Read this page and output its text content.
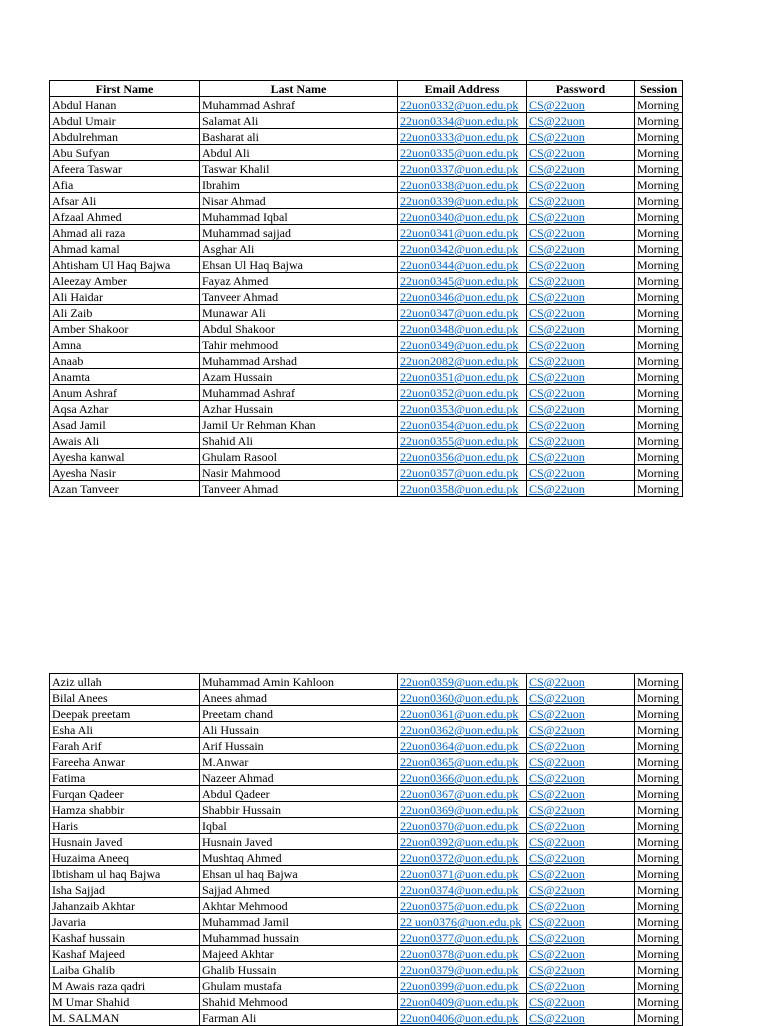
First Name	Last Name	Email Address	Password	Session
Abdul Hanan	Muhammad Ashraf	22uon0332@uon.edu.pk	CS@22uon	Morning
Abdul Umair	Salamat Ali	22uon0334@uon.edu.pk	CS@22uon	Morning
Abdulrehman	Basharat ali	22uon0333@uon.edu.pk	CS@22uon	Morning
Abu Sufyan	Abdul Ali	22uon0335@uon.edu.pk	CS@22uon	Morning
Afeera Taswar	Taswar Khalil	22uon0337@uon.edu.pk	CS@22uon	Morning
Afia	Ibrahim	22uon0338@uon.edu.pk	CS@22uon	Morning
Afsar Ali	Nisar Ahmad	22uon0339@uon.edu.pk	CS@22uon	Morning
Afzaal Ahmed	Muhammad Iqbal	22uon0340@uon.edu.pk	CS@22uon	Morning
Ahmad ali raza	Muhammad sajjad	22uon0341@uon.edu.pk	CS@22uon	Morning
Ahmad kamal	Asghar Ali	22uon0342@uon.edu.pk	CS@22uon	Morning
Ahtisham Ul Haq Bajwa	Ehsan Ul Haq Bajwa	22uon0344@uon.edu.pk	CS@22uon	Morning
Aleezay Amber	Fayaz Ahmed	22uon0345@uon.edu.pk	CS@22uon	Morning
Ali Haidar	Tanveer Ahmad	22uon0346@uon.edu.pk	CS@22uon	Morning
Ali Zaib	Munawar Ali	22uon0347@uon.edu.pk	CS@22uon	Morning
Amber Shakoor	Abdul Shakoor	22uon0348@uon.edu.pk	CS@22uon	Morning
Amna	Tahir mehmood	22uon0349@uon.edu.pk	CS@22uon	Morning
Anaab	Muhammad Arshad	22uon2082@uon.edu.pk	CS@22uon	Morning
Anamta	Azam Hussain	22uon0351@uon.edu.pk	CS@22uon	Morning
Anum Ashraf	Muhammad Ashraf	22uon0352@uon.edu.pk	CS@22uon	Morning
Aqsa Azhar	Azhar Hussain	22uon0353@uon.edu.pk	CS@22uon	Morning
Asad Jamil	Jamil Ur Rehman Khan	22uon0354@uon.edu.pk	CS@22uon	Morning
Awais Ali	Shahid Ali	22uon0355@uon.edu.pk	CS@22uon	Morning
Ayesha kanwal	Ghulam Rasool	22uon0356@uon.edu.pk	CS@22uon	Morning
Ayesha Nasir	Nasir Mahmood	22uon0357@uon.edu.pk	CS@22uon	Morning
Azan Tanveer	Tanveer Ahmad	22uon0358@uon.edu.pk	CS@22uon	Morning
Aziz ullah	Muhammad Amin Kahloon	22uon0359@uon.edu.pk	CS@22uon	Morning
Bilal Anees	Anees ahmad	22uon0360@uon.edu.pk	CS@22uon	Morning
Deepak preetam	Preetam chand	22uon0361@uon.edu.pk	CS@22uon	Morning
Esha Ali	Ali Hussain	22uon0362@uon.edu.pk	CS@22uon	Morning
Farah Arif	Arif Hussain	22uon0364@uon.edu.pk	CS@22uon	Morning
Fareeha Anwar	M.Anwar	22uon0365@uon.edu.pk	CS@22uon	Morning
Fatima	Nazeer Ahmad	22uon0366@uon.edu.pk	CS@22uon	Morning
Furqan Qadeer	Abdul Qadeer	22uon0367@uon.edu.pk	CS@22uon	Morning
Hamza shabbir	Shabbir Hussain	22uon0369@uon.edu.pk	CS@22uon	Morning
Haris	Iqbal	22uon0370@uon.edu.pk	CS@22uon	Morning
Husnain Javed	Husnain Javed	22uon0392@uon.edu.pk	CS@22uon	Morning
Huzaima Aneeq	Mushtaq Ahmed	22uon0372@uon.edu.pk	CS@22uon	Morning
Ibtisham ul haq Bajwa	Ehsan ul haq Bajwa	22uon0371@uon.edu.pk	CS@22uon	Morning
Isha Sajjad	Sajjad Ahmed	22uon0374@uon.edu.pk	CS@22uon	Morning
Jahanzaib Akhtar	Akhtar Mehmood	22uon0375@uon.edu.pk	CS@22uon	Morning
Javaria	Muhammad Jamil	22 uon0376@uon.edu.pk	CS@22uon	Morning
Kashaf hussain	Muhammad hussain	22uon0377@uon.edu.pk	CS@22uon	Morning
Kashaf Majeed	Majeed Akhtar	22uon0378@uon.edu.pk	CS@22uon	Morning
Laiba Ghalib	Ghalib Hussain	22uon0379@uon.edu.pk	CS@22uon	Morning
M Awais raza qadri	Ghulam mustafa	22uon0399@uon.edu.pk	CS@22uon	Morning
M Umar Shahid	Shahid Mehmood	22uon0409@uon.edu.pk	CS@22uon	Morning
M. SALMAN	Farman Ali	22uon0406@uon.edu.pk	CS@22uon	Morning
